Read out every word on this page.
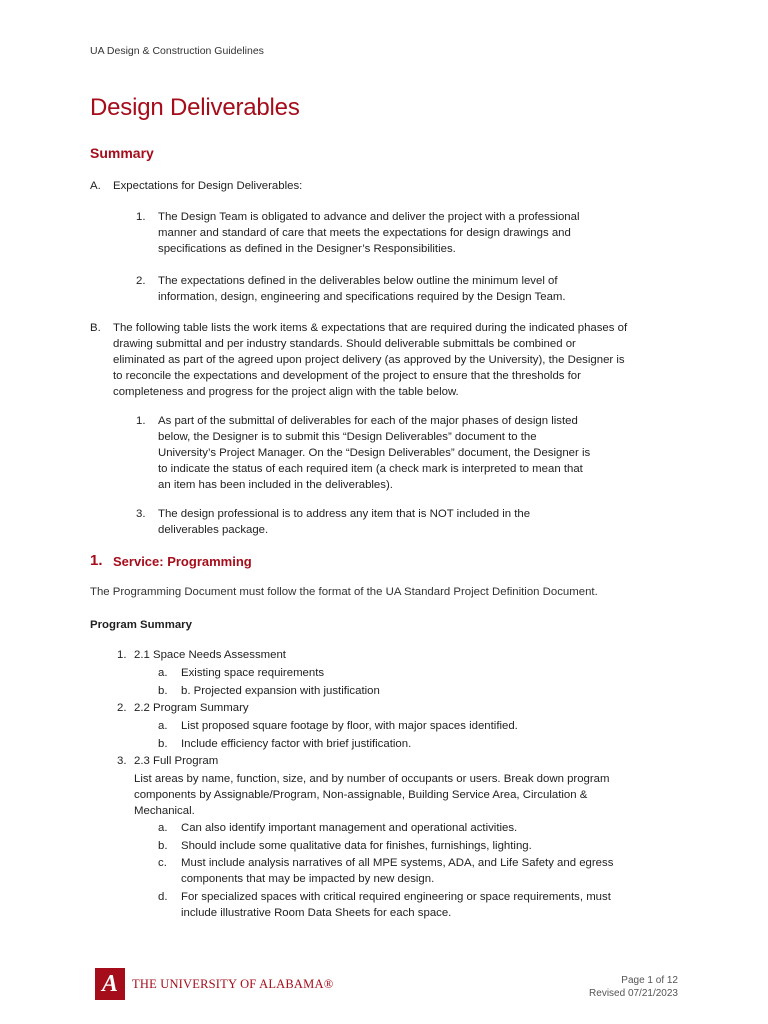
UA Design & Construction Guidelines
Design Deliverables
Summary
A. Expectations for Design Deliverables:
1. The Design Team is obligated to advance and deliver the project with a professional
manner and standard of care that meets the expectations for design drawings and
specifications as defined in the Designer’s Responsibilities.
2. The expectations defined in the deliverables below outline the minimum level of
information, design, engineering and specifications required by the Design Team.
B. The following table lists the work items & expectations that are required during the indicated phases of
drawing submittal and per industry standards. Should deliverable submittals be combined or
eliminated as part of the agreed upon project delivery (as approved by the University), the Designer is
to reconcile the expectations and development of the project to ensure that the thresholds for
completeness and progress for the project align with the table below.
1. As part of the submittal of deliverables for each of the major phases of design listed
below, the Designer is to submit this “Design Deliverables” document to the
University’s Project Manager. On the “Design Deliverables” document, the Designer is
to indicate the status of each required item (a check mark is interpreted to mean that
an item has been included in the deliverables).
3. The design professional is to address any item that is NOT included in the
deliverables package.
1. Service: Programming
The Programming Document must follow the format of the UA Standard Project Definition Document.
Program Summary
1. 2.1 Space Needs Assessment
a. Existing space requirements
b. b. Projected expansion with justification
2. 2.2 Program Summary
a. List proposed square footage by floor, with major spaces identified.
b. Include efficiency factor with brief justification.
3. 2.3 Full Program
List areas by name, function, size, and by number of occupants or users. Break down program
components by Assignable/Program, Non-assignable, Building Service Area, Circulation &
Mechanical.
a. Can also identify important management and operational activities.
b. Should include some qualitative data for finishes, furnishings, lighting.
c. Must include analysis narratives of all MPE systems, ADA, and Life Safety and egress
components that may be impacted by new design.
d. For specialized spaces with critical required engineering or space requirements, must
include illustrative Room Data Sheets for each space.
A	THE UNIVERSITY OF ALABAMA®	Page 1 of 12
Revised 07/21/2023
